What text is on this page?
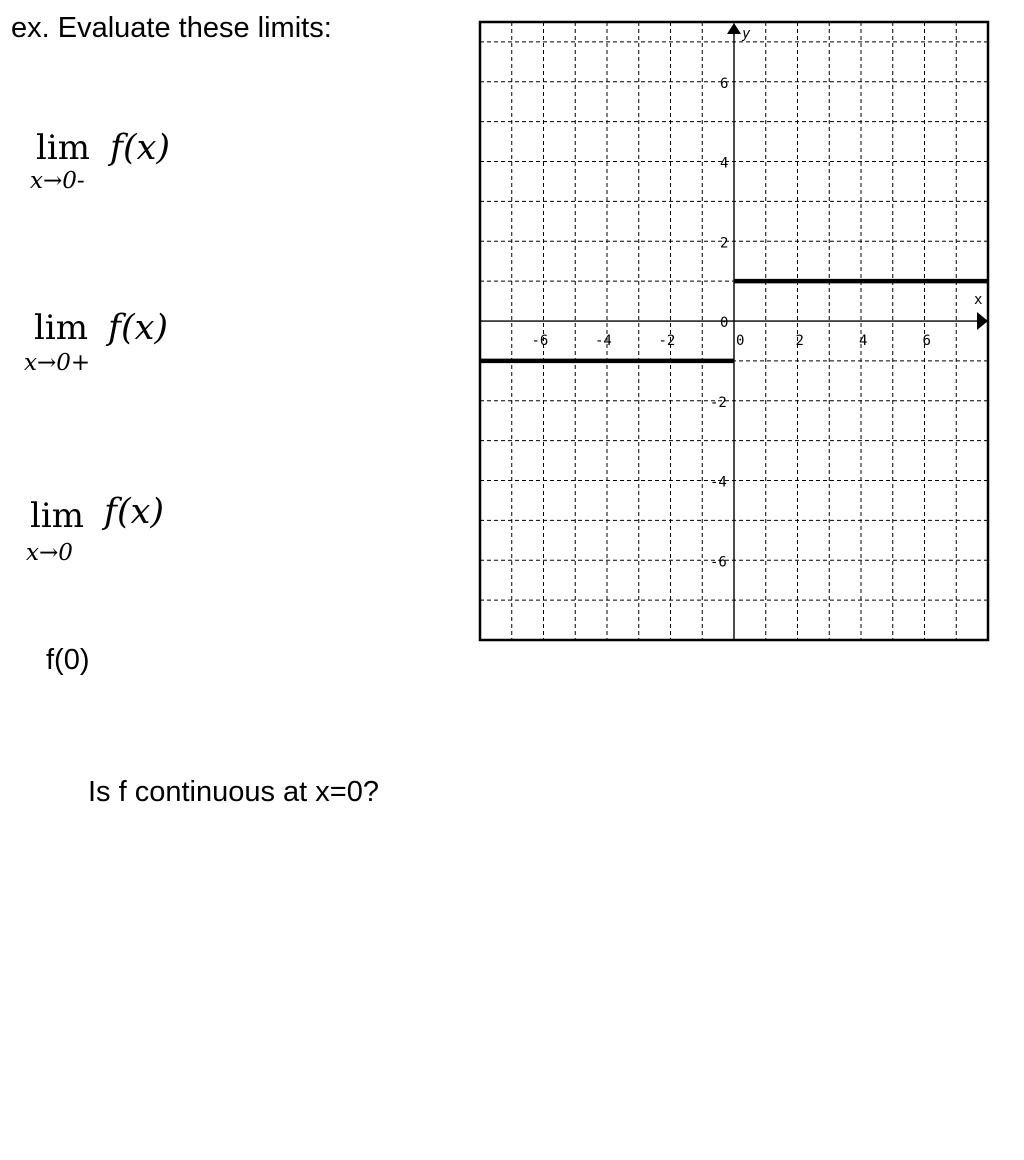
ex. Evaluate these limits:
lim
x→0-
f(x)
lim
x→0+
f(x)
lim
x→0
f(x)
f(0)
Is f continuous at x=0?
x
y
-6	-4	-2	0	2	4	6
6
4
2
0
-2
-4
-6
